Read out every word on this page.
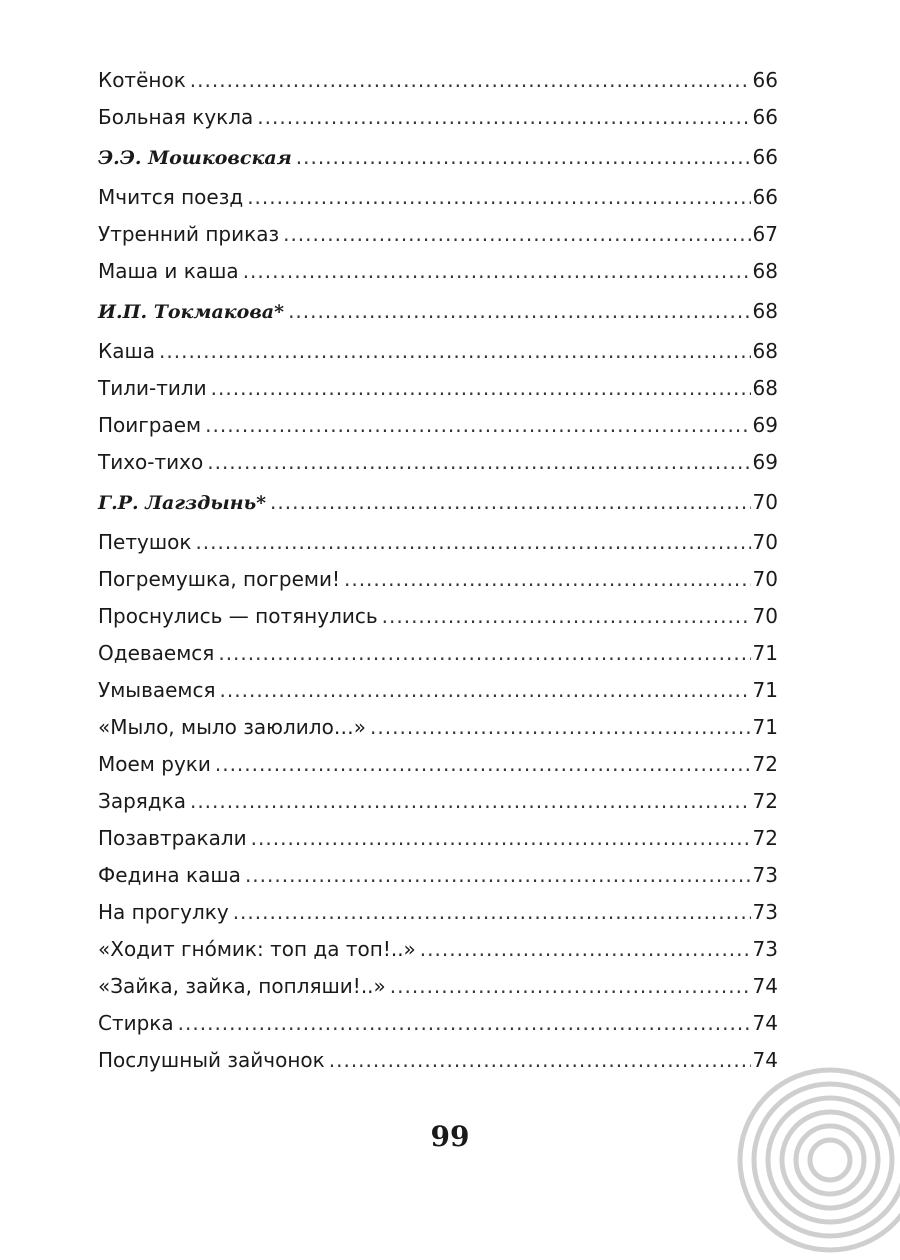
Котёнок .....	66
Больная кукла .....	66
Э.Э. Мошковская .....	66
Мчится поезд .....	66
Утренний приказ .....	67
Маша и каша .....	68
И.П. Токмакова* .....	68
Каша .....	68
Тили-тили .....	68
Поиграем .....	69
Тихо-тихо .....	69
Г.Р. Лагздынь* .....	70
Петушок .....	70
Погремушка, погреми! .....	70
Проснулись — потянулись .....	70
Одеваемся .....	71
Умываемся .....	71
«Мыло, мыло заюлило…» .....	71
Моем руки .....	72
Зарядка .....	72
Позавтракали .....	72
Федина каша .....	73
На прогулку .....	73
«Ходит гно́мик: топ да топ!..» .....	73
«Зайка, зайка, попляши!..» .....	74
Стирка .....	74
Послушный зайчонок .....	74
99
